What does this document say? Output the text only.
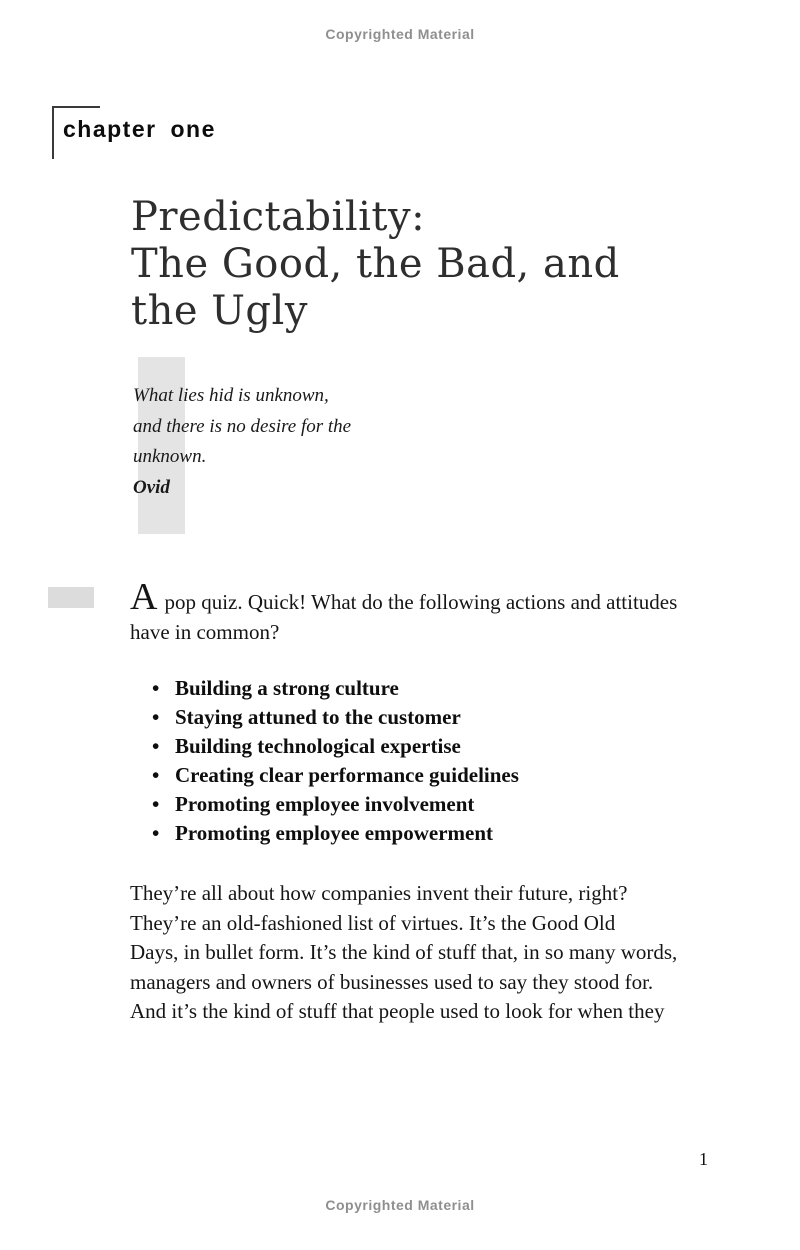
Copyrighted Material
chapter one
Predictability:
The Good, the Bad, and
the Ugly
What lies hid is unknown,
and there is no desire for the
unknown.
Ovid
Apop quiz. Quick! What do the following actions and attitudes
have in common?
• Building a strong culture
• Staying attuned to the customer
• Building technological expertise
• Creating clear performance guidelines
• Promoting employee involvement
• Promoting employee empowerment
They’re all about how companies invent their future, right?
They’re an old-fashioned list of virtues. It’s the Good Old
Days, in bullet form. It’s the kind of stuff that, in so many words,
managers and owners of businesses used to say they stood for.
And it’s the kind of stuff that people used to look for when they
1
Copyrighted Material
